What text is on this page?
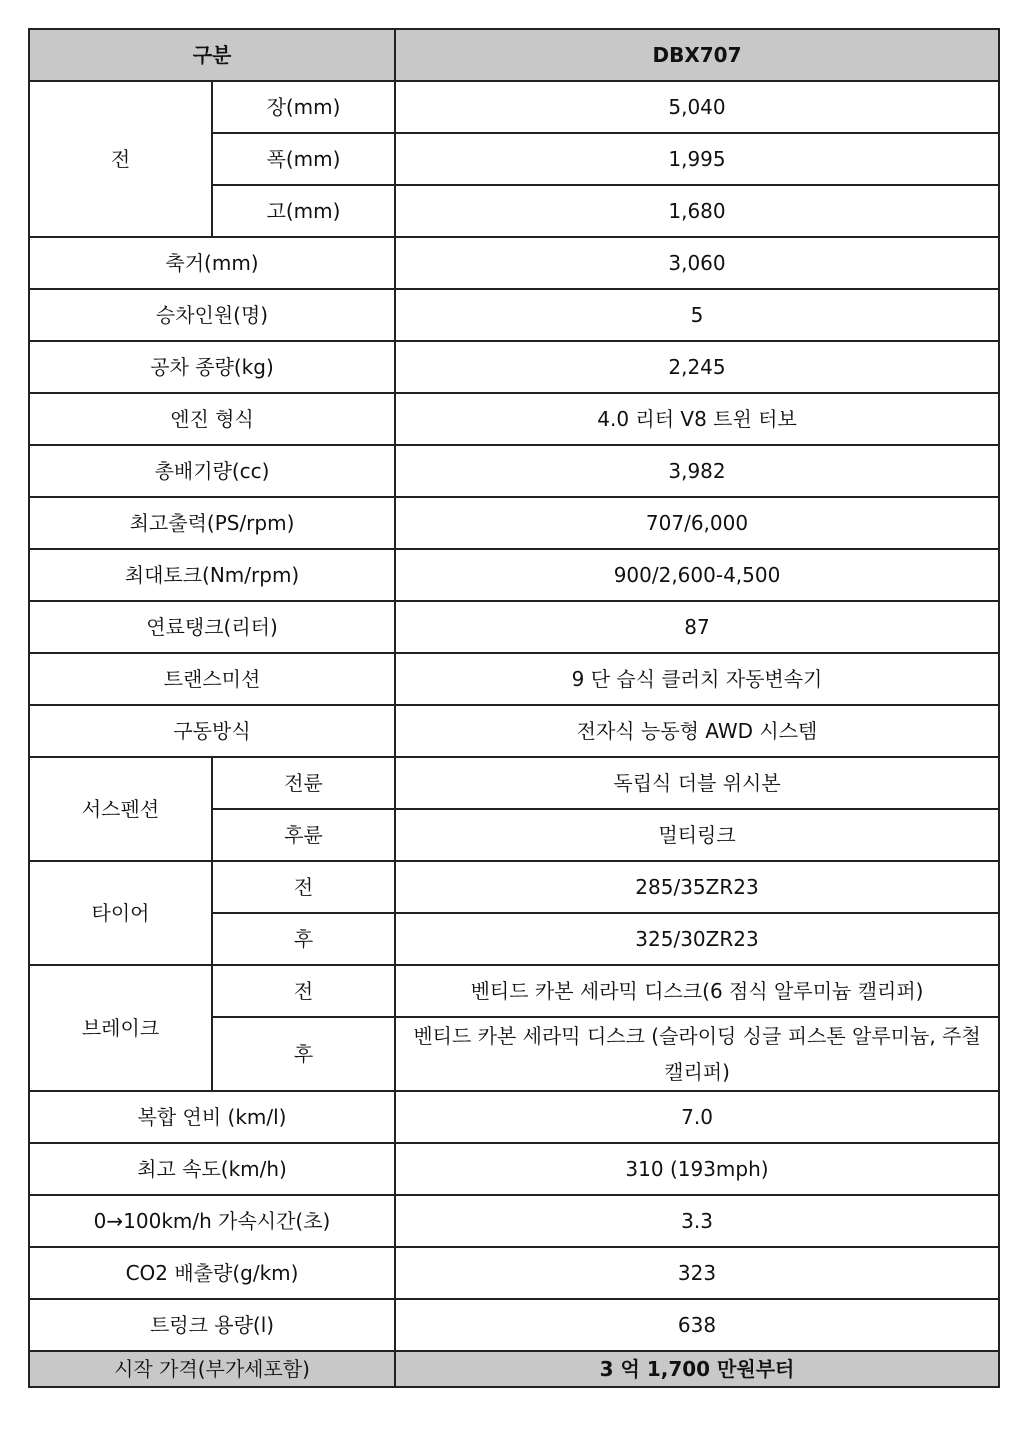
구분		DBX707
전	장(mm)	5,040
	폭(mm)	1,995
	고(mm)	1,680
축거(mm)		3,060
승차인원(명)		5
공차 종량(kg)		2,245
엔진 형식		4.0 리터 V8 트윈 터보
총배기량(cc)		3,982
최고출력(PS/rpm)		707/6,000
최대토크(Nm/rpm)		900/2,600-4,500
연료탱크(리터)		87
트랜스미션		9 단 습식 클러치 자동변속기
구동방식		전자식 능동형 AWD 시스템
서스펜션	전륜	독립식 더블 위시본
	후륜	멀티링크
타이어	전	285/35ZR23
	후	325/30ZR23
브레이크	전	벤티드 카본 세라믹 디스크(6 점식 알루미늄 캘리퍼)
	후	벤티드 카본 세라믹 디스크 (슬라이딩 싱글 피스톤 알루미늄, 주철 캘리퍼)
복합 연비 (km/l)		7.0
최고 속도(km/h)		310 (193mph)
0→100km/h 가속시간(초)		3.3
CO2 배출량(g/km)		323
트렁크 용량(l)		638
시작 가격(부가세포함)		3 억 1,700 만원부터
